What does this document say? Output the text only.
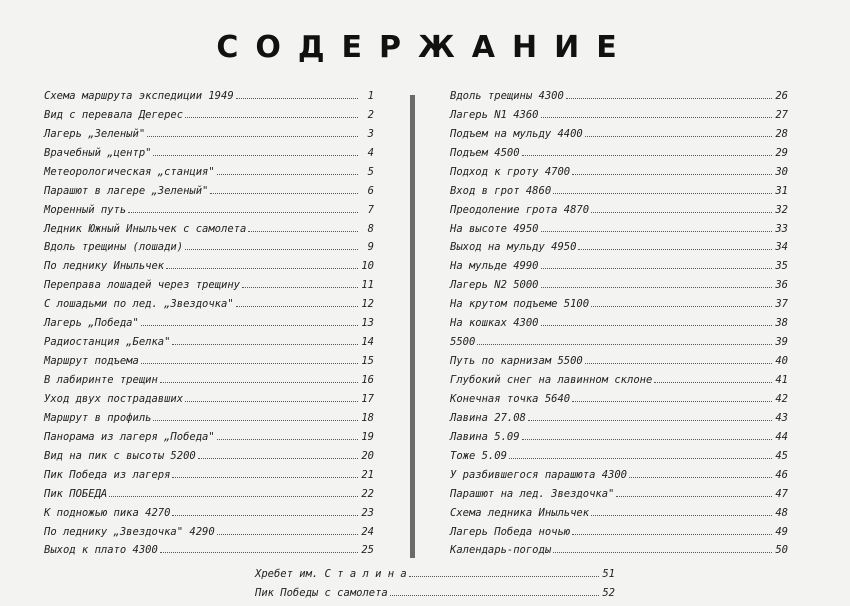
СОДЕРЖАНИЕ
Схема маршрута экспедиции 1949	1
Вид с перевала Дегерес	2
Лагерь „Зеленый"	3
Врачебный „центр"	4
Метеорологическая „станция"	5
Парашют в лагере „Зеленый"	6
Моренный путь	7
Ледник Южный Иныльчек с самолета	8
Вдоль трещины (лошади)	9
По леднику Иныльчек	10
Переправа лошадей через трещину	11
С лошадьми по лед. „Звездочка"	12
Лагерь „Победа"	13
Радиостанция „Белка"	14
Маршрут подъема	15
В лабиринте трещин	16
Уход двух пострадавших	17
Маршрут в профиль	18
Панорама из лагеря „Победа"	19
Вид на пик с высоты 5200	20
Пик Победа из лагеря	21
Пик ПОБЕДА	22
К подножью пика 4270	23
По леднику „Звездочка" 4290	24
Выход к плато 4300	25
Вдоль трещины 4300	26
Лагерь N1 4360	27
Подъем на мульду 4400	28
Подъем 4500	29
Подход к гроту 4700	30
Вход в грот 4860	31
Преодоление грота 4870	32
На высоте 4950	33
Выход на мульду 4950	34
На мульде 4990	35
Лагерь N2 5000	36
На крутом подъеме 5100	37
На кошках 4300	38
5500	39
Путь по карнизам 5500	40
Глубокий снег на лавинном склоне	41
Конечная точка 5640	42
Лавина 27.08	43
Лавина 5.09	44
Тоже 5.09	45
У разбившегося парашюта 4300	46
Парашют на лед. Звездочка"	47
Схема ледника Иныльчек	48
Лагерь Победа ночью	49
Календарь-погоды	50
Хребет им. С т а л и н а	51
Пик Победы с самолета	52
